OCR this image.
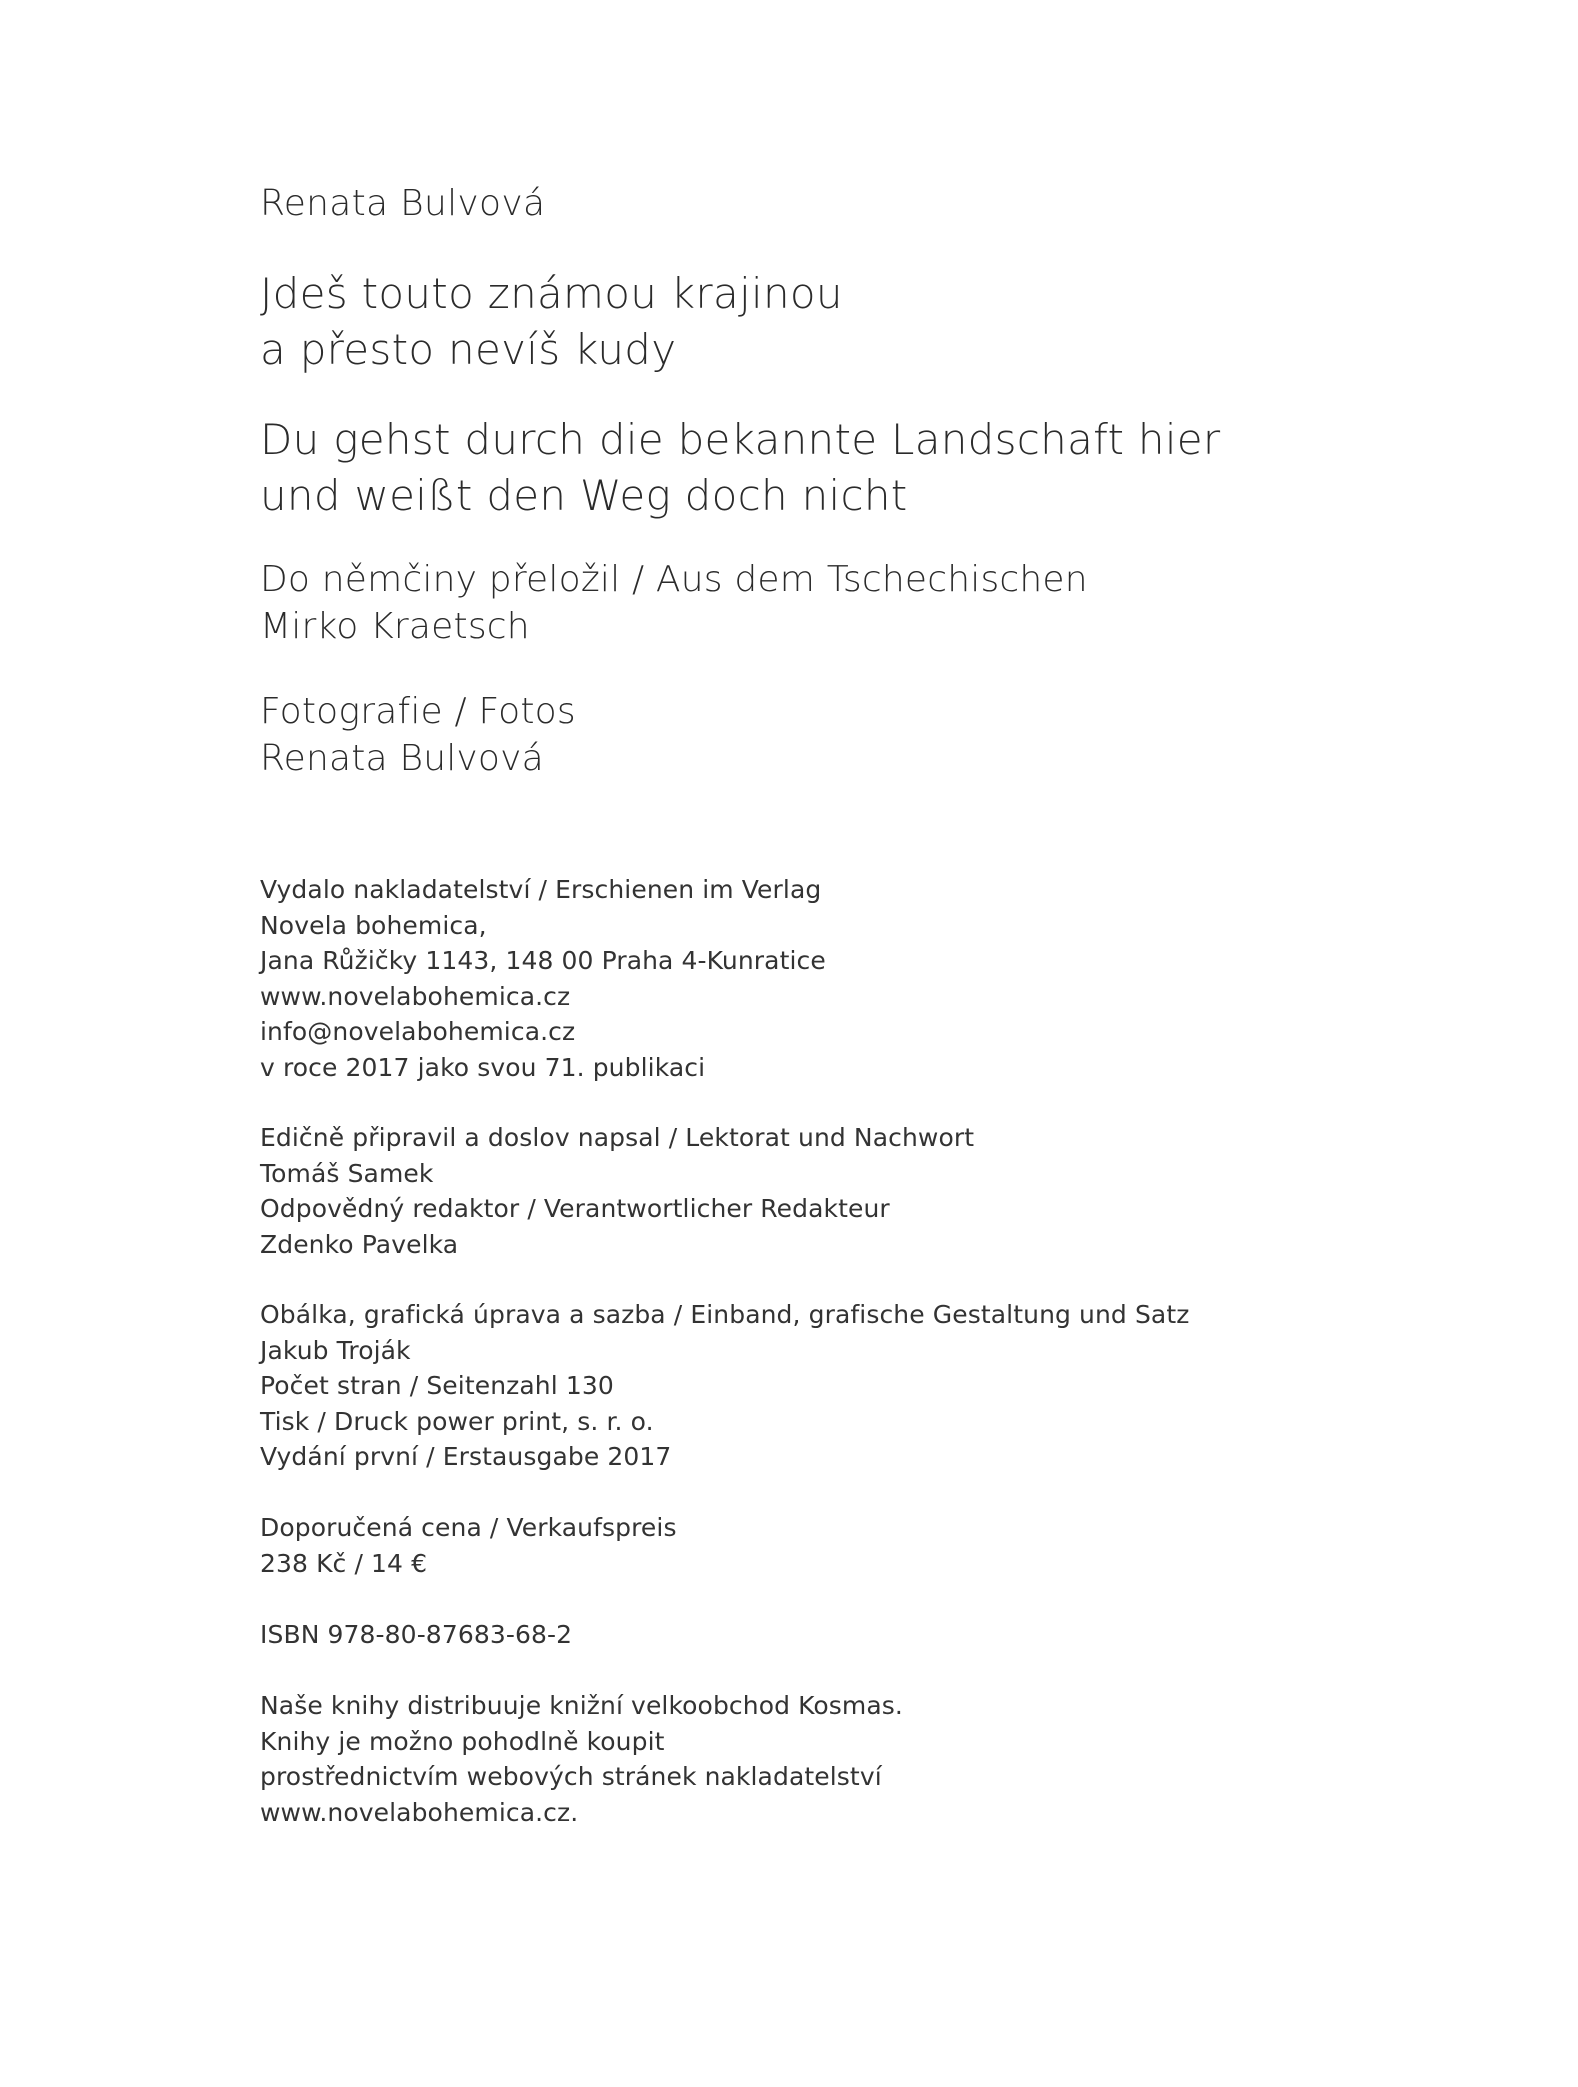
Renata Bulvová
Jdeš touto známou krajinou
a přesto nevíš kudy
Du gehst durch die bekannte Landschaft hier
und weißt den Weg doch nicht
Do němčiny přeložil / Aus dem Tschechischen
Mirko Kraetsch
Fotografie / Fotos
Renata Bulvová
Vydalo nakladatelství / Erschienen im Verlag
Novela bohemica,
Jana Růžičky 1143, 148 00 Praha 4-Kunratice
www.novelabohemica.cz
info@novelabohemica.cz
v roce 2017 jako svou 71. publikaci
Edičně připravil a doslov napsal / Lektorat und Nachwort
Tomáš Samek
Odpovědný redaktor / Verantwortlicher Redakteur
Zdenko Pavelka
Obálka, grafická úprava a sazba / Einband, grafische Gestaltung und Satz
Jakub Troják
Počet stran / Seitenzahl 130
Tisk / Druck power print, s. r. o.
Vydání první / Erstausgabe 2017
Doporučená cena / Verkaufspreis
238 Kč / 14 €
ISBN 978-80-87683-68-2
Naše knihy distribuuje knižní velkoobchod Kosmas.
Knihy je možno pohodlně koupit
prostřednictvím webových stránek nakladatelství
www.novelabohemica.cz.
